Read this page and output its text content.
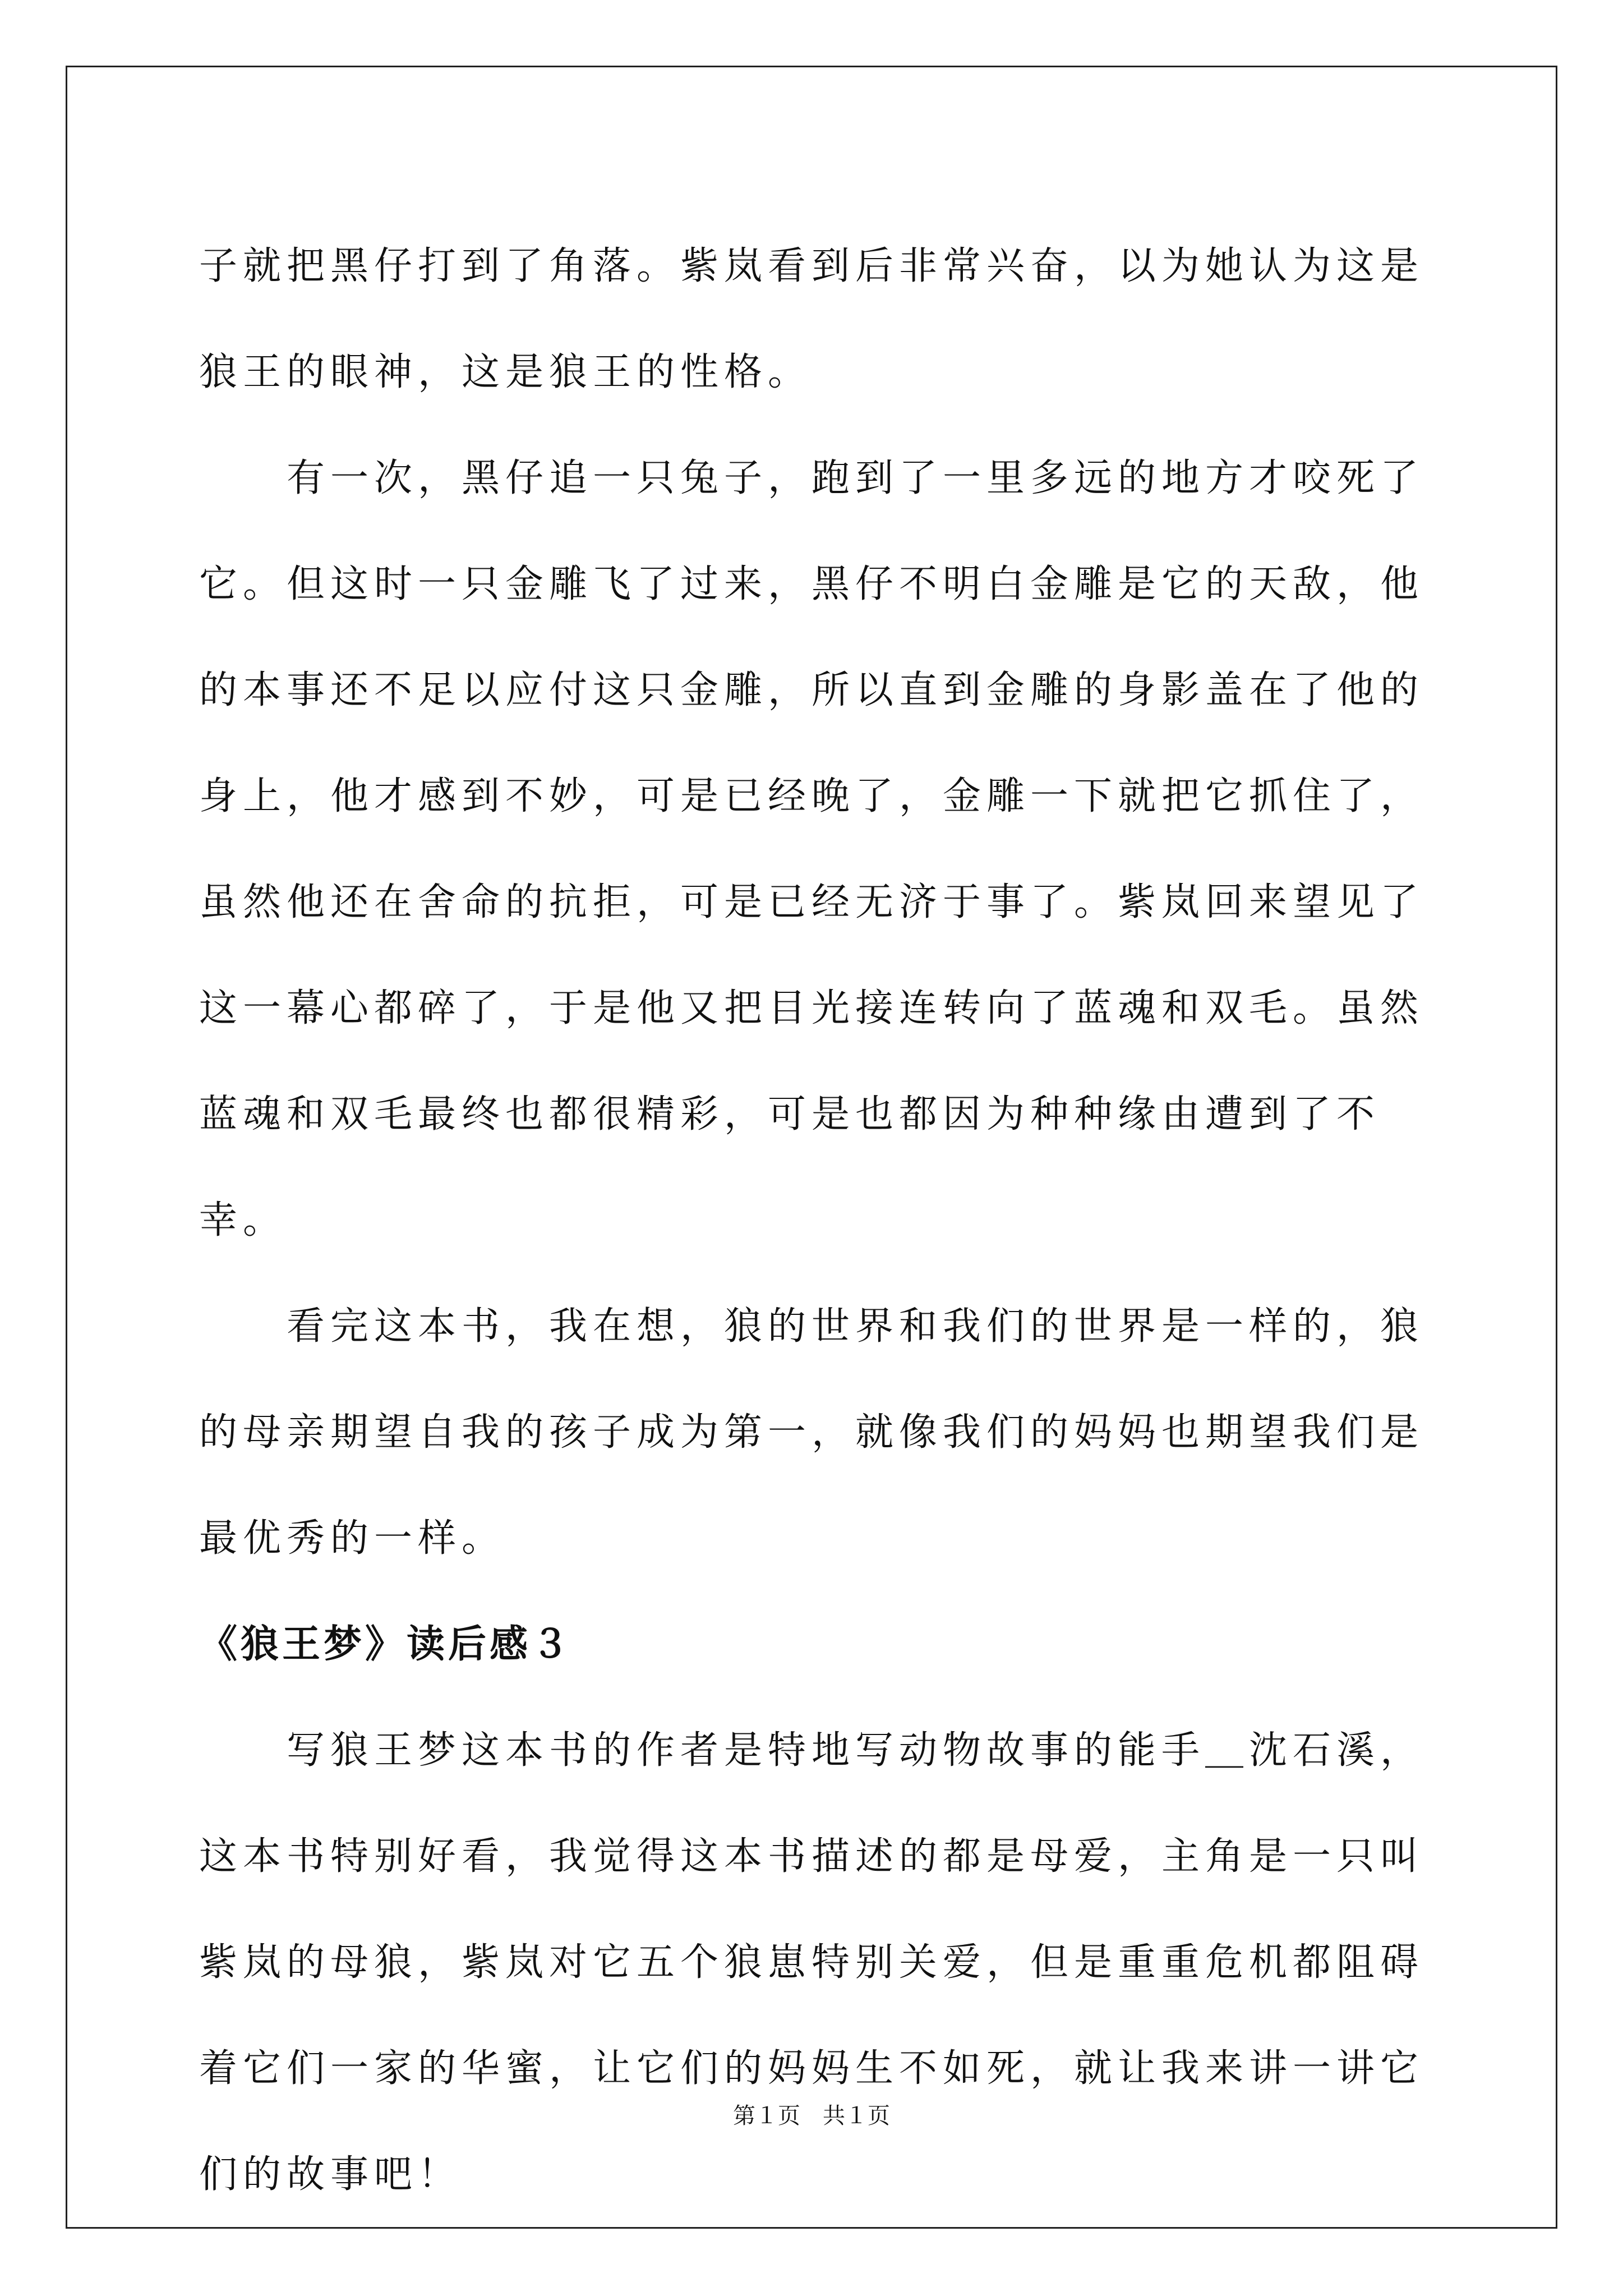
子就把黑仔打到了角落。紫岚看到后非常兴奋，以为她认为这是狼王的眼神，这是狼王的性格。

　　有一次，黑仔追一只兔子，跑到了一里多远的地方才咬死了它。但这时一只金雕飞了过来，黑仔不明白金雕是它的天敌，他的本事还不足以应付这只金雕，所以直到金雕的身影盖在了他的身上，他才感到不妙，可是已经晚了，金雕一下就把它抓住了，虽然他还在舍命的抗拒，可是已经无济于事了。紫岚回来望见了这一幕心都碎了，于是他又把目光接连转向了蓝魂和双毛。虽然蓝魂和双毛最终也都很精彩，可是也都因为种种缘由遭到了不幸。

　　看完这本书，我在想，狼的世界和我们的世界是一样的，狼的母亲期望自我的孩子成为第一，就像我们的妈妈也期望我们是最优秀的一样。

《狼王梦》读后感３

　　写狼王梦这本书的作者是特地写动物故事的能手＿沈石溪，这本书特别好看，我觉得这本书描述的都是母爱，主角是一只叫紫岚的母狼，紫岚对它五个狼崽特别关爱，但是重重危机都阻碍着它们一家的华蜜，让它们的妈妈生不如死，就让我来讲一讲它们的故事吧！

第１页　共１页
